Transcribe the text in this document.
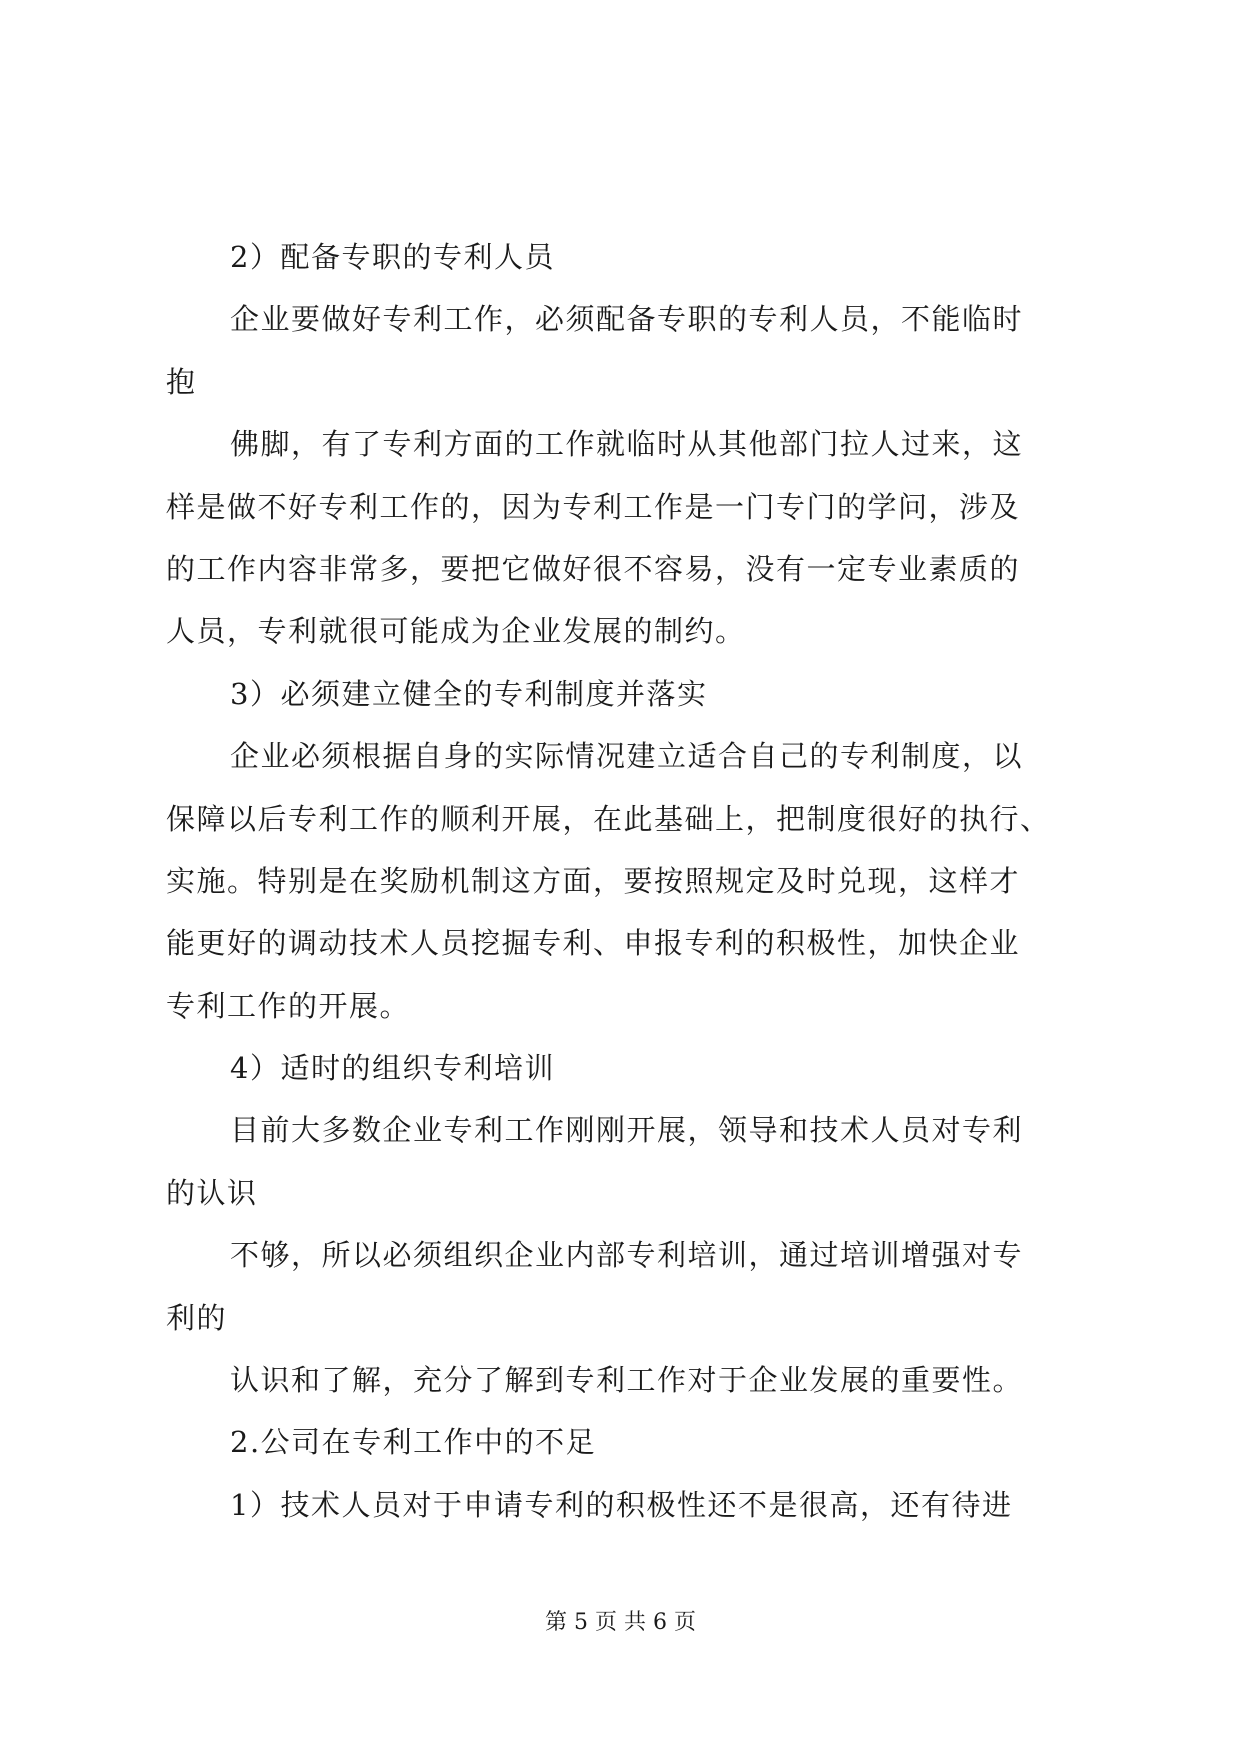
2）配备专职的专利人员
企业要做好专利工作，必须配备专职的专利人员，不能临时
抱
佛脚，有了专利方面的工作就临时从其他部门拉人过来，这
样是做不好专利工作的，因为专利工作是一门专门的学问，涉及
的工作内容非常多，要把它做好很不容易，没有一定专业素质的
人员，专利就很可能成为企业发展的制约。
3）必须建立健全的专利制度并落实
企业必须根据自身的实际情况建立适合自己的专利制度，以
保障以后专利工作的顺利开展，在此基础上，把制度很好的执行、
实施。特别是在奖励机制这方面，要按照规定及时兑现，这样才
能更好的调动技术人员挖掘专利、申报专利的积极性，加快企业
专利工作的开展。
4）适时的组织专利培训
目前大多数企业专利工作刚刚开展，领导和技术人员对专利
的认识
不够，所以必须组织企业内部专利培训，通过培训增强对专
利的
认识和了解，充分了解到专利工作对于企业发展的重要性。
2.公司在专利工作中的不足
1）技术人员对于申请专利的积极性还不是很高，还有待进
第 5 页 共 6 页
